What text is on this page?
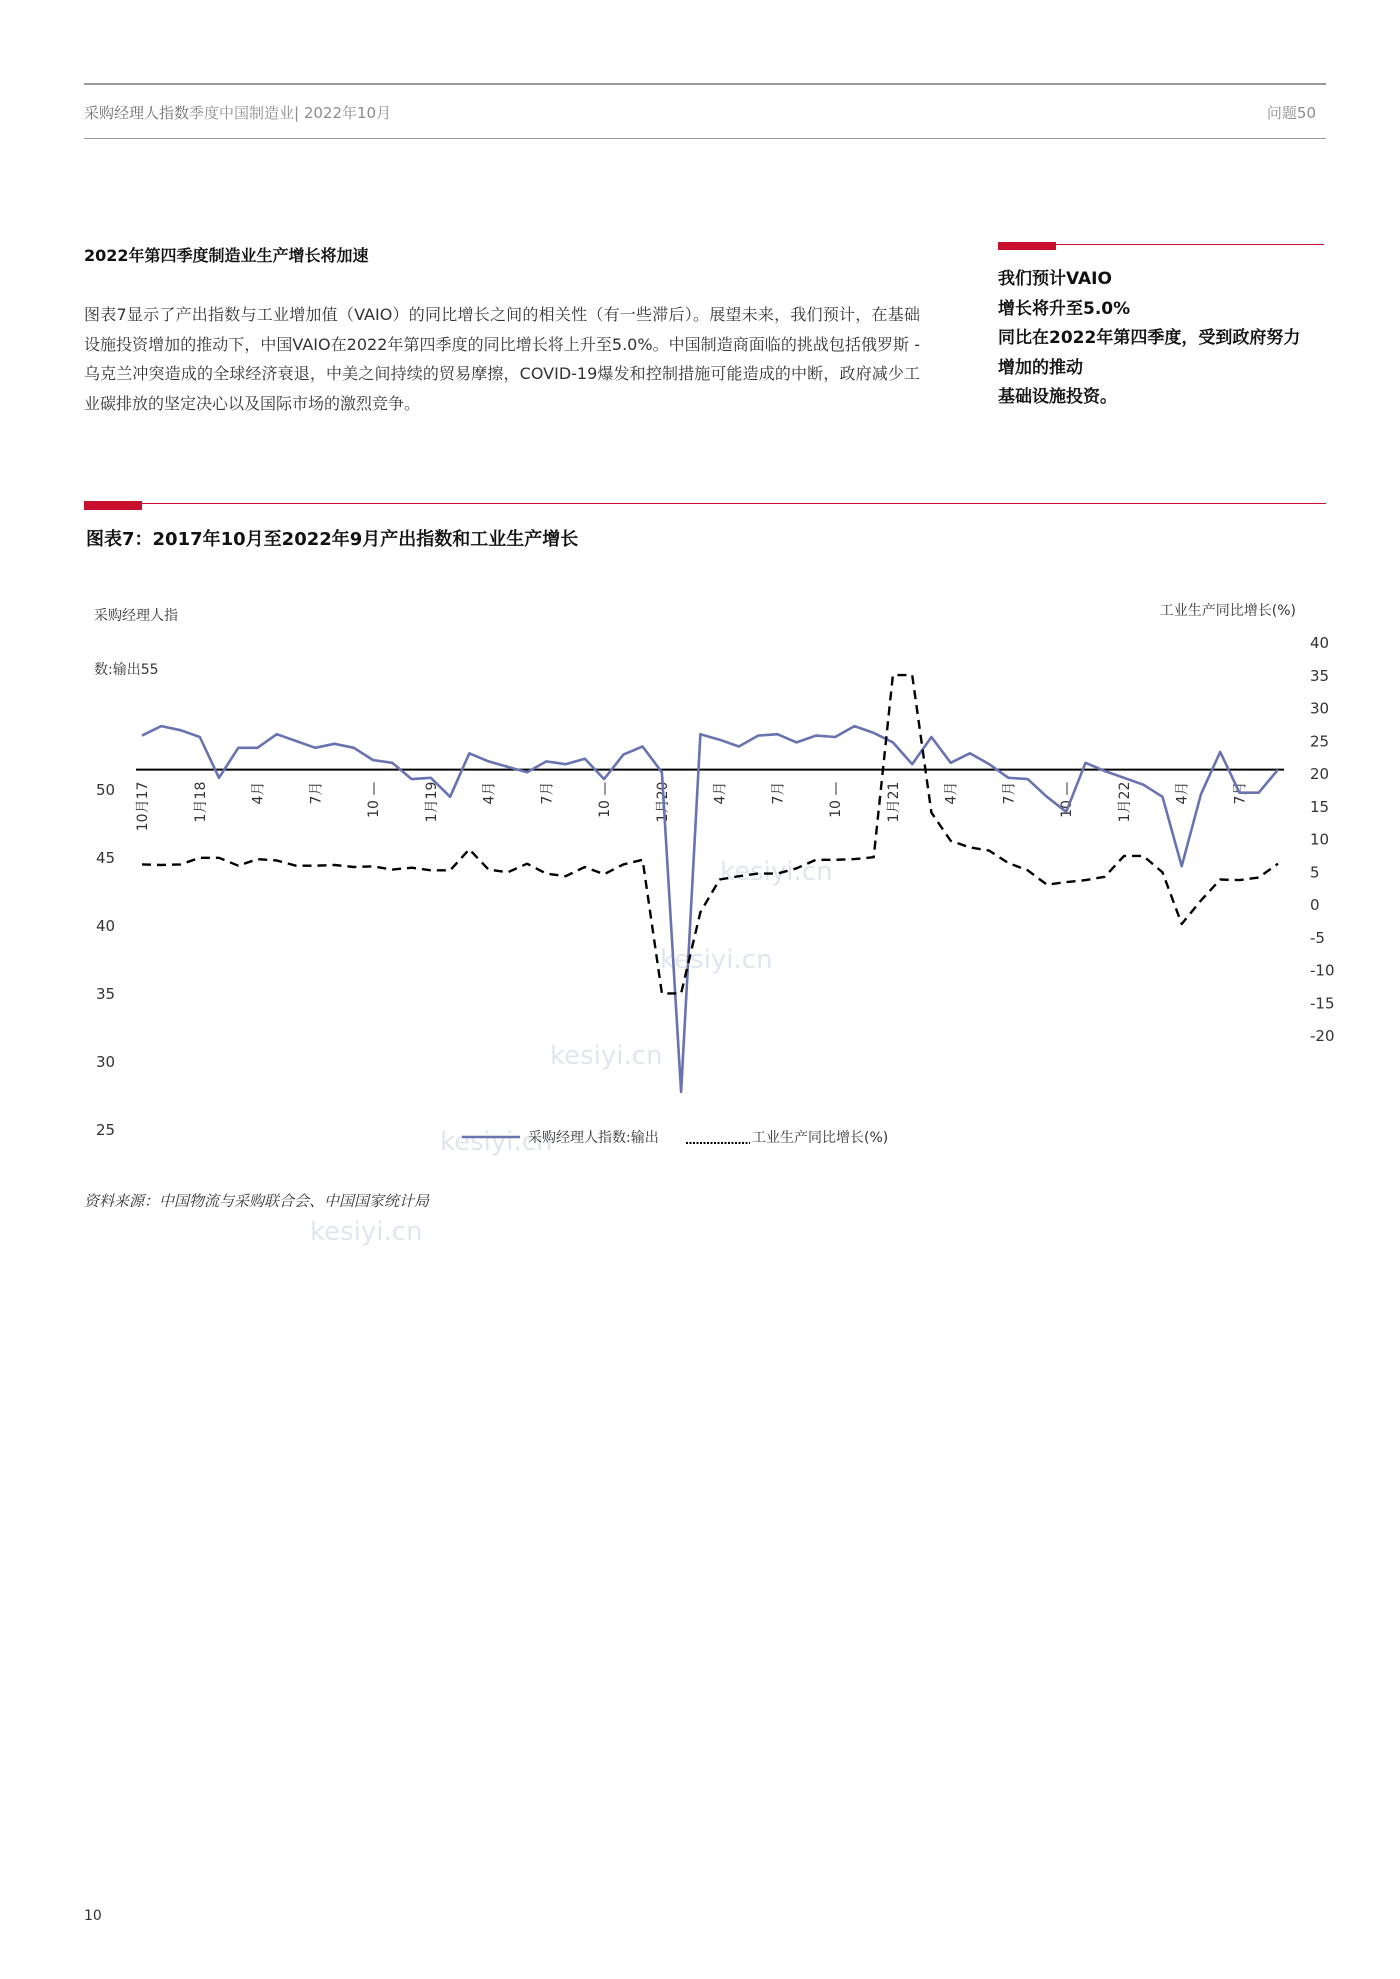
采购经理人指数季度中国制造业| 2022年10月	问题50
2022年第四季度制造业生产增长将加速

图表7显示了产出指数与工业增加值（VAIO）的同比增长之间的相关性（有一些滞后）。展望未来，我们预计，在基础设施投资增加的推动下，中国VAIO在2022年第四季度的同比增长将上升至5.0%。中国制造商面临的挑战包括俄罗斯 - 乌克兰冲突造成的全球经济衰退，中美之间持续的贸易摩擦，COVID-19爆发和控制措施可能造成的中断，政府减少工业碳排放的坚定决心以及国际市场的激烈竞争。

我们预计VAIO
增长将升至5.0%
同比在2022年第四季度，受到政府努力
增加的推动
基础设施投资。
图表7：2017年10月至2022年9月产出指数和工业生产增长
kesiyi.cn
kesiyi.cn
kesiyi.cn
kesiyi.cn
kesiyi.cn
采购经理人指
数:输出55
工业生产同比增长(%)
50
45
40
35
30
25
40
35
30
25
20
15
10
5
0
-5
-10
-15
-20
10月17	1月18	4月	7月	10 —	1月19	4月	7月	10 —	1月20	4月	7月	10 —	1月21	4月	7月	10 —	1月22	4月	7月
采购经理人指数:输出	工业生产同比增长(%)
资料来源：中国物流与采购联合会、中国国家统计局
10
